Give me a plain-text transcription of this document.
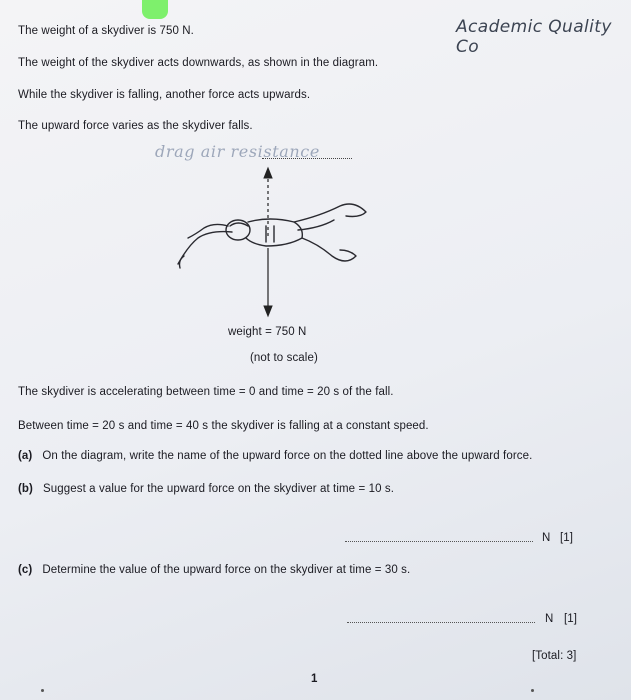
The weight of a skydiver is 750 N.	Academic Quality Co
The weight of the skydiver acts downwards, as shown in the diagram.
While the skydiver is falling, another force acts upwards.
The upward force varies as the skydiver falls.
drag air resistance
weight = 750 N
(not to scale)
The skydiver is accelerating between time = 0 and time = 20 s of the fall.
Between time = 20 s and time = 40 s the skydiver is falling at a constant speed.
(a) On the diagram, write the name of the upward force on the dotted line above the upward force.
(b) Suggest a value for the upward force on the skydiver at time = 10 s.
N [1]
(c) Determine the value of the upward force on the skydiver at time = 30 s.
N [1]
[Total: 3]
1
